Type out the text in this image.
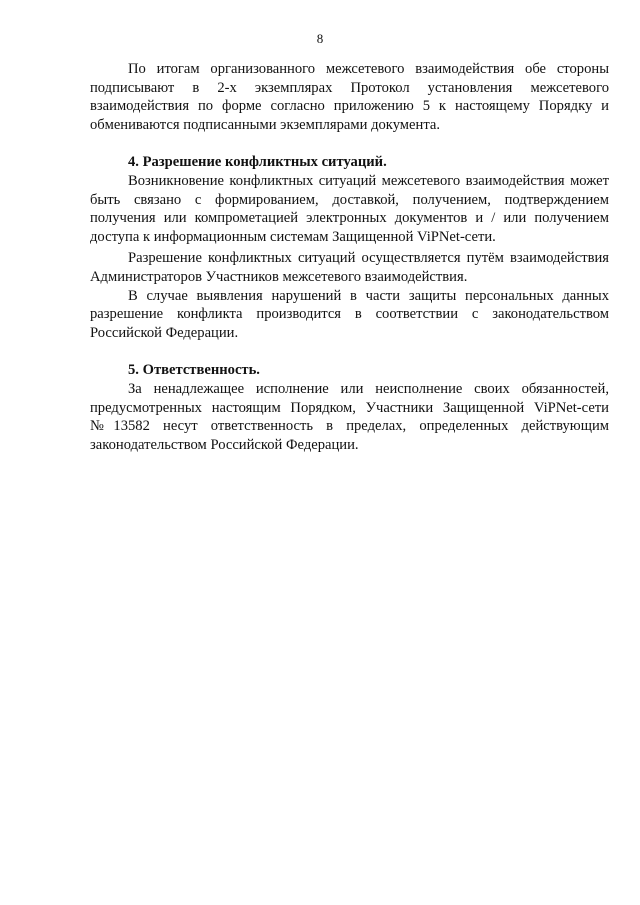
8

По итогам организованного межсетевого взаимодействия обе стороны подписывают в 2-х экземплярах Протокол установления межсетевого взаимодействия по форме согласно приложению 5 к настоящему Порядку и обмениваются подписанными экземплярами документа.

4. Разрешение конфликтных ситуаций.

Возникновение конфликтных ситуаций межсетевого взаимодействия может быть связано с формированием, доставкой, получением, подтверждением получения или компрометацией электронных документов и / или получением доступа к информационным системам Защищенной ViPNet-сети.

Разрешение конфликтных ситуаций осуществляется путём взаимодействия Администраторов Участников межсетевого взаимодействия.

В случае выявления нарушений в части защиты персональных данных разрешение конфликта производится в соответствии с законодательством Российской Федерации.

5. Ответственность.

За ненадлежащее исполнение или неисполнение своих обязанностей, предусмотренных настоящим Порядком, Участники Защищенной ViPNet-сети №13582 несут ответственность в пределах, определенных действующим законодательством Российской Федерации.
